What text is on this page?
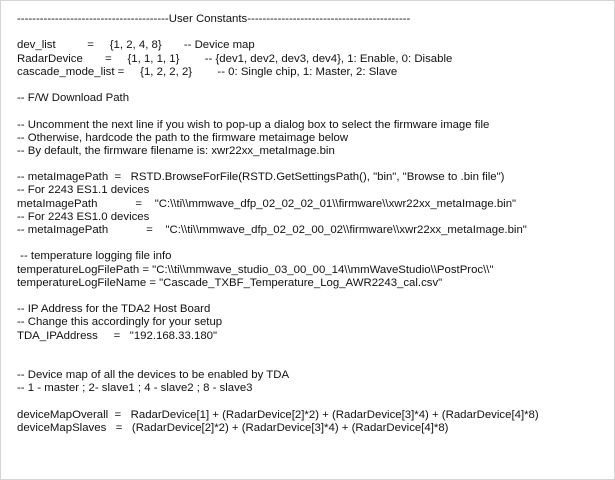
----------------------------------------User Constants-------------------------------------------
dev_list          =     {1, 2, 4, 8}       -- Device map
RadarDevice       =     {1, 1, 1, 1}        -- {dev1, dev2, dev3, dev4}, 1: Enable, 0: Disable
cascade_mode_list =     {1, 2, 2, 2}        -- 0: Single chip, 1: Master, 2: Slave
-- F/W Download Path
-- Uncomment the next line if you wish to pop-up a dialog box to select the firmware image file
-- Otherwise, hardcode the path to the firmware metaimage below
-- By default, the firmware filename is: xwr22xx_metaImage.bin
-- metaImagePath  =   RSTD.BrowseForFile(RSTD.GetSettingsPath(), "bin", "Browse to .bin file")
-- For 2243 ES1.1 devices
metaImagePath            =    "C:\\ti\\mmwave_dfp_02_02_02_01\\firmware\\xwr22xx_metaImage.bin"
-- For 2243 ES1.0 devices
-- metaImagePath            =    "C:\\ti\\mmwave_dfp_02_02_00_02\\firmware\\xwr22xx_metaImage.bin"
-- temperature logging file info
temperatureLogFilePath = "C:\\ti\\mmwave_studio_03_00_00_14\\mmWaveStudio\\PostProc\\"
temperatureLogFileName = "Cascade_TXBF_Temperature_Log_AWR2243_cal.csv"
-- IP Address for the TDA2 Host Board
-- Change this accordingly for your setup
TDA_IPAddress     =   "192.168.33.180"
-- Device map of all the devices to be enabled by TDA
-- 1 - master ; 2- slave1 ; 4 - slave2 ; 8 - slave3
deviceMapOverall  =   RadarDevice[1] + (RadarDevice[2]*2) + (RadarDevice[3]*4) + (RadarDevice[4]*8)
deviceMapSlaves   =   (RadarDevice[2]*2) + (RadarDevice[3]*4) + (RadarDevice[4]*8)
